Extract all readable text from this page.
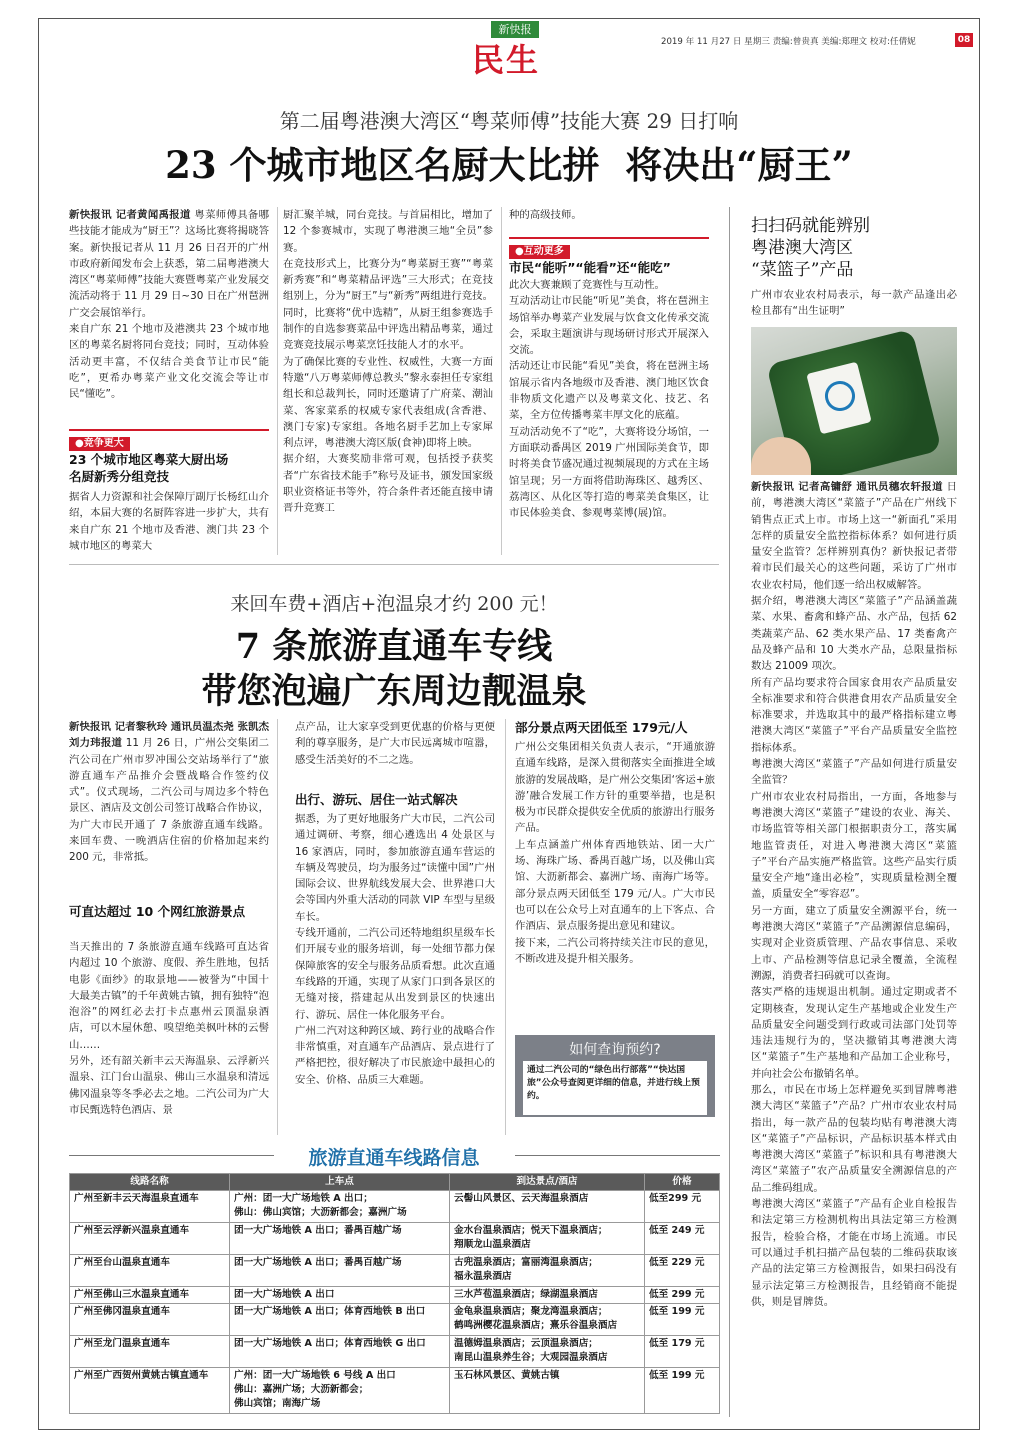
新快报
民生	2019 年 11 月27 日 星期三 责编:曾贵真 美编:郑理文 校对:任倩妮	08
第二届粤港澳大湾区“粤菜师傅”技能大赛 29 日打响
23 个城市地区名厨大比拼  将决出“厨王”
新快报讯 记者黄闻禹报道 粤菜师傅具备哪些技能才能成为“厨王”？这场比赛将揭晓答案。新快报记者从 11 月 26 日召开的广州市政府新闻发布会上获悉，第二届粤港澳大湾区“粤菜师傅”技能大赛暨粤菜产业发展交流活动将于 11 月 29 日~30 日在广州琶洲广交会展馆举行。
来自广东 21 个地市及港澳共 23 个城市地区的粤菜名厨将同台竞技；同时，互动体验活动更丰富，不仅结合美食节让市民“能吃”，更希办粤菜产业文化交流会等让市民“懂吃”。
●竞争更大
23 个城市地区粤菜大厨出场
名厨新秀分组竞技
据省人力资源和社会保障厅副厅长杨红山介绍，本届大赛的名厨阵容进一步扩大，共有来自广东 21 个地市及香港、澳门共 23 个城市地区的粤菜大
厨汇聚羊城，同台竞技。与首届相比，增加了 12 个参赛城市，实现了粤港澳三地“全员”参赛。
在竞技形式上，比赛分为“粤菜厨王赛”“粤菜新秀赛”和“粤菜精品评选”三大形式；在竞技组别上，分为“厨王”与“新秀”两组进行竞技。同时，比赛将“优中选精”，从厨王组参赛选手制作的自选参赛菜品中评选出精品粤菜，通过竞赛竞技展示粤菜烹饪技能人才的水平。
为了确保比赛的专业性、权威性，大赛一方面特邀“八万粤菜师傅总教头”黎永泰担任专家组组长和总裁判长，同时还邀请了广府菜、潮汕菜、客家菜系的权威专家代表组成(含香港、澳门专家)专家组。各地名厨手艺加上专家犀利点评，粤港澳大湾区版(食神)即将上映。
据介绍，大赛奖励非常可观，包括授予获奖者“广东省技术能手”称号及证书，颁发国家级职业资格证书等外，符合条件者还能直接申请晋升竞赛工
种的高级技师。
●互动更多
市民“能听”“能看”还“能吃”
此次大赛兼顾了竞赛性与互动性。
互动活动让市民能“听见”美食，将在琶洲主场馆举办粤菜产业发展与饮食文化传承交流会，采取主题演讲与现场研讨形式开展深入交流。
活动还让市民能“看见”美食，将在琶洲主场馆展示省内各地级市及香港、澳门地区饮食非物质文化遗产以及粤菜文化、技艺、名菜，全方位传播粤菜丰厚文化的底蕴。
互动活动免不了“吃”，大赛将设分场馆，一方面联动番禺区 2019 广州国际美食节，即时将美食节盛况通过视频展现的方式在主场馆呈现；另一方面将借助海珠区、越秀区、荔湾区、从化区等打造的粤菜美食集区，让市民体验美食、参观粤菜博(展)馆。
扫扫码就能辨别
粤港澳大湾区
“菜篮子”产品
广州市农业农村局表示，每一款产品逢出必检且都有“出生证明”
新快报讯 记者高镛舒 通讯员穗农轩报道 日前，粤港澳大湾区“菜篮子”产品在广州线下销售点正式上市。市场上这一“新面孔”采用怎样的质量安全监控指标体系？如何进行质量安全监管？怎样辨别真伪？新快报记者带着市民们最关心的这些问题，采访了广州市农业农村局，他们逐一给出权威解答。
据介绍，粤港澳大湾区“菜篮子”产品涵盖蔬菜、水果、畜禽和蜂产品、水产品，包括 62 类蔬菜产品、62 类水果产品、17 类畜禽产品及蜂产品和 10 大类水产品，总限量指标数达 21009 项次。
所有产品均要求符合国家食用农产品质量安全标准要求和符合供港食用农产品质量安全标准要求，并选取其中的最严格指标建立粤港澳大湾区“菜篮子”平台产品质量安全监控指标体系。
粤港澳大湾区“菜篮子”产品如何进行质量安全监管？
广州市农业农村局指出，一方面，各地参与粤港澳大湾区“菜篮子”建设的农业、海关、市场监管等相关部门根据职责分工，落实属地监管责任，对进入粤港澳大湾区“菜篮子”平台产品实施严格监管。这些产品实行质量安全产地“逢出必检”，实现质量检测全覆盖，质量安全“零容忍”。
另一方面，建立了质量安全溯源平台，统一粤港澳大湾区“菜篮子”产品溯源信息编码，实现对企业资质管理、产品农事信息、采收上市、产品检测等信息记录全覆盖，全流程溯源，消费者扫码就可以查询。
落实严格的违规退出机制。通过定期或者不定期核查，发现认定生产基地或企业发生产品质量安全问题受到行政或司法部门处罚等违法违规行为的，坚决撤销其粤港澳大湾区“菜篮子”生产基地和产品加工企业称号，并向社会公布撤销名单。
那么，市民在市场上怎样避免买到冒牌粤港澳大湾区“菜篮子”产品？广州市农业农村局指出，每一款产品的包装均贴有粤港澳大湾区“菜篮子”产品标识，产品标识基本样式由粤港澳大湾区“菜篮子”标识和具有粤港澳大湾区“菜篮子”农产品质量安全溯源信息的产品二维码组成。
粤港澳大湾区“菜篮子”产品有企业自检报告和法定第三方检测机构出具法定第三方检测报告，检验合格，才能在市场上流通。市民可以通过手机扫描产品包装的二维码获取该产品的法定第三方检测报告，如果扫码没有显示法定第三方检测报告，且经销商不能提供，则是冒牌货。
来回车费+酒店+泡温泉才约 200 元！
7 条旅游直通车专线
带您泡遍广东周边靓温泉
新快报讯 记者黎秋玲 通讯员温杰尧 张凯杰 刘力玮报道 11 月 26 日，广州公交集团二汽公司在广州市罗冲围公交站场举行了“旅游直通车产品推介会暨战略合作签约仪式”。仪式现场，二汽公司与周边多个特色景区、酒店及文创公司签订战略合作协议，为广大市民开通了 7 条旅游直通车线路。来回车费、一晚酒店住宿的价格加起来约 200 元，非常抵。
可直达超过 10 个网红旅游景点
当天推出的 7 条旅游直通车线路可直达省内超过 10 个旅游、度假、养生胜地，包括电影《面纱》的取景地——被誉为“中国十大最美古镇”的千年黄姚古镇，拥有独特“泡泡浴”的网红必去打卡点惠州云顶温泉酒店，可以木屋休憩、嗅望绝美枫叶林的云髻山……
另外，还有韶关新丰云天海温泉、云浮新兴温泉、江门台山温泉、佛山三水温泉和清远佛冈温泉等冬季必去之地。二汽公司为广大市民甄选特色酒店、景
点产品，让大家享受到更优惠的价格与更便利的尊享服务，是广大市民远离城市喧嚣，感受生活美好的不二之选。
出行、游玩、居住一站式解决
据悉，为了更好地服务广大市民，二汽公司通过调研、考察，细心遴选出 4 处景区与 16 家酒店，同时，参加旅游直通车营运的车辆及驾驶员，均为服务过“读懂中国”广州国际会议、世界航线发展大会、世界港口大会等国内外重大活动的同款 VIP 车型与星级车长。
专线开通前，二汽公司还特地组织星级车长们开展专业的服务培训，每一处细节都力保保障旅客的安全与服务品质看想。此次直通车线路的开通，实现了从家门口到各景区的无缝对接，搭建起从出发到景区的快速出行、游玩、居住一体化服务平台。
广州二汽对这种跨区域、跨行业的战略合作非常慎重，对直通车产品酒店、景点进行了严格把控，很好解决了市民旅途中最担心的安全、价格、品质三大难题。
部分景点两天团低至 179元/人
广州公交集团相关负责人表示，“开通旅游直通车线路，是深入贯彻落实全面推进全域旅游的发展战略，是广州公交集团‘客运+旅游’融合发展工作方针的重要举措，也是积极为市民群众提供安全优质的旅游出行服务产品。
上车点涵盖广州体育西地铁站、团一大广场、海珠广场、番禺百越广场，以及佛山宾馆、大沥新都会、嘉洲广场、南海广场等。部分景点两天团低至 179 元/人。广大市民也可以在公众号上对直通车的上下客点、合作酒店、景点服务提出意见和建议。
接下来，二汽公司将持续关注市民的意见，不断改进及提升相关服务。
如何查询预约?
通过二汽公司的“绿色出行部落”“快达国旅”公众号查阅更详细的信息，并进行线上预约。
旅游直通车线路信息
线路名称	上车点	到达景点/酒店	价格
广州至新丰云天海温泉直通车	广州：团一大广场地铁 A 出口；
佛山：佛山宾馆；大沥新都会；嘉洲广场	云髻山风景区、云天海温泉酒店	低至299 元
广州至云浮新兴温泉直通车	团一大广场地铁 A 出口；番禺百越广场	金水台温泉酒店；悦天下温泉酒店；
翔顺龙山温泉酒店	低至 249 元
广州至台山温泉直通车	团一大广场地铁 A 出口；番禺百越广场	古兜温泉酒店；富丽湾温泉酒店；
福永温泉酒店	低至 229 元
广州至佛山三水温泉直通车	团一大广场地铁 A 出口	三水芦苞温泉酒店；绿湖温泉酒店	低至 299 元
广州至佛冈温泉直通车	团一大广场地铁 A 出口；体育西地铁 B 出口	金龟泉温泉酒店；聚龙湾温泉酒店；
鹤鸣洲樱花温泉酒店；熹乐谷温泉酒店	低至 199 元
广州至龙门温泉直通车	团一大广场地铁 A 出口；体育西地铁 G 出口	温德姆温泉酒店；云顶温泉酒店；
南昆山温泉养生谷；大观园温泉酒店	低至 179 元
广州至广西贺州黄姚古镇直通车	广州：团一大广场地铁 6 号线 A 出口
佛山：嘉洲广场；大沥新都会；
佛山宾馆；南海广场	玉石林风景区、黄姚古镇	低至 199 元
